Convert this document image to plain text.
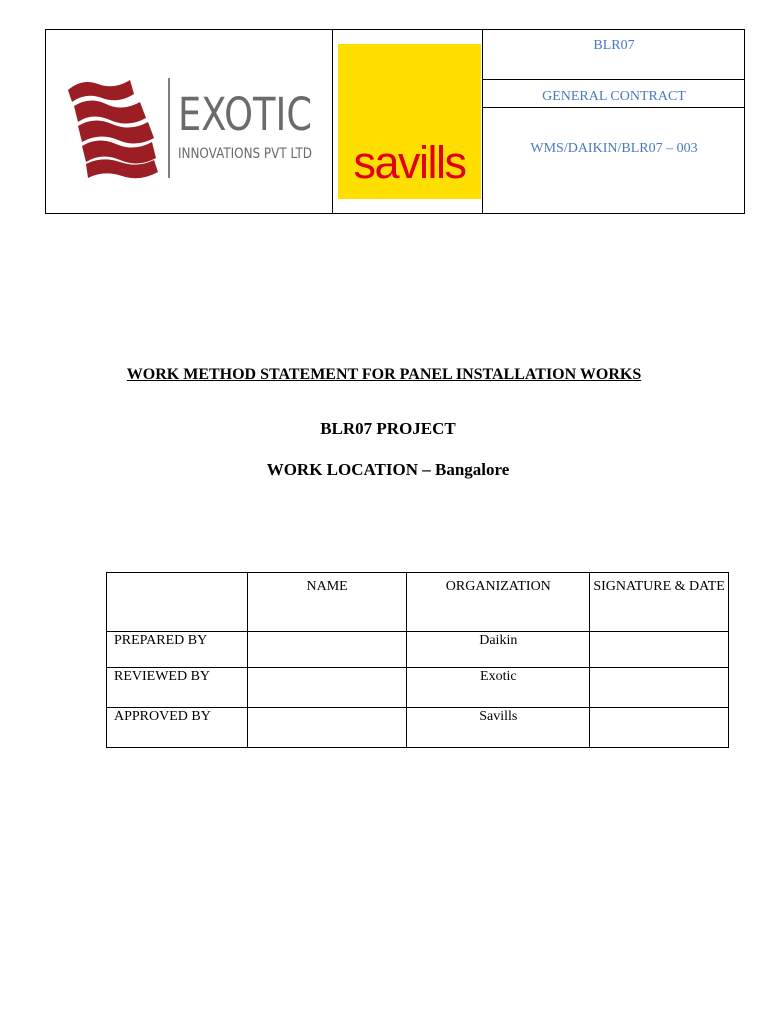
EXOTIC
INNOVATIONS PVT LTD savills
BLR07
GENERAL CONTRACT
WMS/DAIKIN/BLR07 – 003
WORK METHOD STATEMENT FOR PANEL INSTALLATION WORKS
BLR07 PROJECT
WORK LOCATION – Bangalore
	NAME	ORGANIZATION	SIGNATURE & DATE
PREPARED BY		Daikin	
REVIEWED BY		Exotic	
APPROVED BY		Savills	
